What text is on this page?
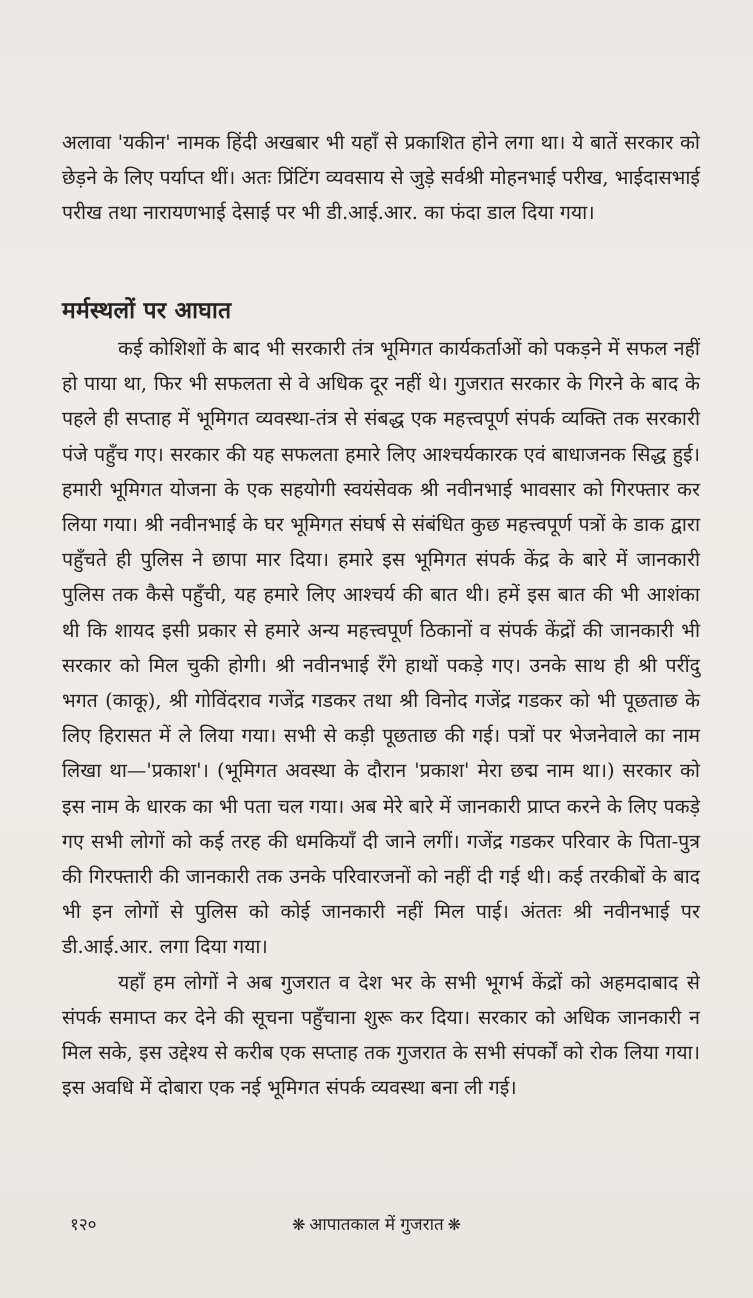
अलावा 'यकीन' नामक हिंदी अखबार भी यहाँ से प्रकाशित होने लगा था। ये बातें सरकार को छेड़ने के लिए पर्याप्त थीं। अतः प्रिंटिंग व्यवसाय से जुड़े सर्वश्री मोहनभाई परीख, भाईदासभाई परीख तथा नारायणभाई देसाई पर भी डी.आई.आर. का फंदा डाल दिया गया।

मर्मस्थलों पर आघात

कई कोशिशों के बाद भी सरकारी तंत्र भूमिगत कार्यकर्ताओं को पकड़ने में सफल नहीं हो पाया था, फिर भी सफलता से वे अधिक दूर नहीं थे। गुजरात सरकार के गिरने के बाद के पहले ही सप्ताह में भूमिगत व्यवस्था-तंत्र से संबद्ध एक महत्त्वपूर्ण संपर्क व्यक्ति तक सरकारी पंजे पहुँच गए। सरकार की यह सफलता हमारे लिए आश्चर्यकारक एवं बाधाजनक सिद्ध हुई। हमारी भूमिगत योजना के एक सहयोगी स्वयंसेवक श्री नवीनभाई भावसार को गिरफ्तार कर लिया गया। श्री नवीनभाई के घर भूमिगत संघर्ष से संबंधित कुछ महत्त्वपूर्ण पत्रों के डाक द्वारा पहुँचते ही पुलिस ने छापा मार दिया। हमारे इस भूमिगत संपर्क केंद्र के बारे में जानकारी पुलिस तक कैसे पहुँची, यह हमारे लिए आश्चर्य की बात थी। हमें इस बात की भी आशंका थी कि शायद इसी प्रकार से हमारे अन्य महत्त्वपूर्ण ठिकानों व संपर्क केंद्रों की जानकारी भी सरकार को मिल चुकी होगी। श्री नवीनभाई रँगे हाथों पकड़े गए। उनके साथ ही श्री परींदु भगत (काकू), श्री गोविंदराव गजेंद्र गडकर तथा श्री विनोद गजेंद्र गडकर को भी पूछताछ के लिए हिरासत में ले लिया गया। सभी से कड़ी पूछताछ की गई। पत्रों पर भेजनेवाले का नाम लिखा था—'प्रकाश'। (भूमिगत अवस्था के दौरान 'प्रकाश' मेरा छद्म नाम था।) सरकार को इस नाम के धारक का भी पता चल गया। अब मेरे बारे में जानकारी प्राप्त करने के लिए पकड़े गए सभी लोगों को कई तरह की धमकियाँ दी जाने लगीं। गजेंद्र गडकर परिवार के पिता-पुत्र की गिरफ्तारी की जानकारी तक उनके परिवारजनों को नहीं दी गई थी। कई तरकीबों के बाद भी इन लोगों से पुलिस को कोई जानकारी नहीं मिल पाई। अंततः श्री नवीनभाई पर डी.आई.आर. लगा दिया गया।

यहाँ हम लोगों ने अब गुजरात व देश भर के सभी भूगर्भ केंद्रों को अहमदाबाद से संपर्क समाप्त कर देने की सूचना पहुँचाना शुरू कर दिया। सरकार को अधिक जानकारी न मिल सके, इस उद्देश्य से करीब एक सप्ताह तक गुजरात के सभी संपर्कों को रोक लिया गया। इस अवधि में दोबारा एक नई भूमिगत संपर्क व्यवस्था बना ली गई।

१२०	❋ आपातकाल में गुजरात ❋
